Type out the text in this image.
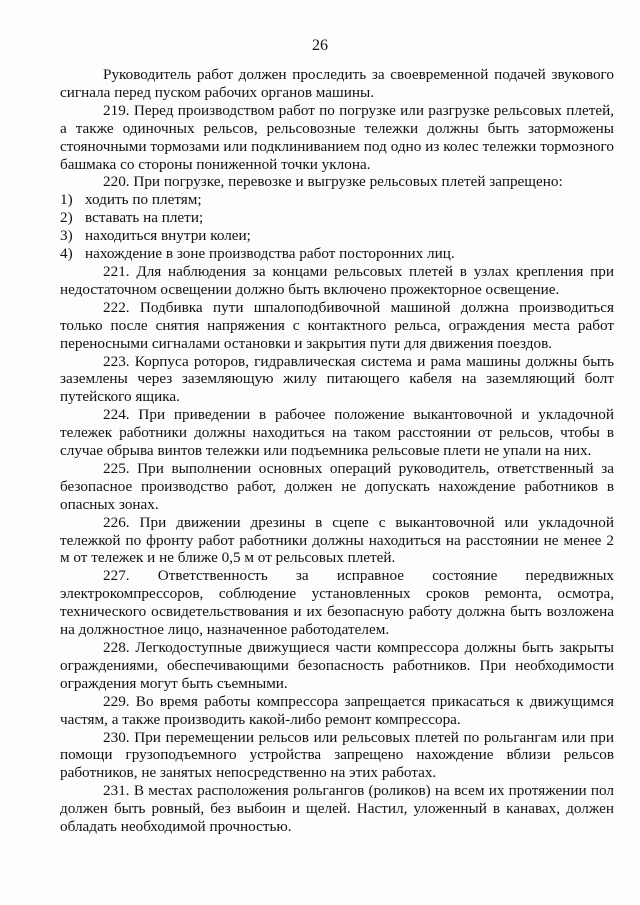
26

Руководитель работ должен проследить за своевременной подачей звукового сигнала перед пуском рабочих органов машины.

219. Перед производством работ по погрузке или разгрузке рельсовых плетей, а также одиночных рельсов, рельсовозные тележки должны быть заторможены стояночными тормозами или подклиниванием под одно из колес тележки тормозного башмака со стороны пониженной точки уклона.

220. При погрузке, перевозке и выгрузке рельсовых плетей запрещено:

1) ходить по плетям;

2) вставать на плети;

3) находиться внутри колеи;

4) нахождение в зоне производства работ посторонних лиц.

221. Для наблюдения за концами рельсовых плетей в узлах крепления при недостаточном освещении должно быть включено прожекторное освещение.

222. Подбивка пути шпалоподбивочной машиной должна производиться только после снятия напряжения с контактного рельса, ограждения места работ переносными сигналами остановки и закрытия пути для движения поездов.

223. Корпуса роторов, гидравлическая система и рама машины должны быть заземлены через заземляющую жилу питающего кабеля на заземляющий болт путейского ящика.

224. При приведении в рабочее положение выкантовочной и укладочной тележек работники должны находиться на таком расстоянии от рельсов, чтобы в случае обрыва винтов тележки или подъемника рельсовые плети не упали на них.

225. При выполнении основных операций руководитель, ответственный за безопасное производство работ, должен не допускать нахождение работников в опасных зонах.

226. При движении дрезины в сцепе с выкантовочной или укладочной тележкой по фронту работ работники должны находиться на расстоянии не менее 2 м от тележек и не ближе 0,5 м от рельсовых плетей.

227. Ответственность за исправное состояние передвижных электрокомпрессоров, соблюдение установленных сроков ремонта, осмотра, технического освидетельствования и их безопасную работу должна быть возложена на должностное лицо, назначенное работодателем.

228. Легкодоступные движущиеся части компрессора должны быть закрыты ограждениями, обеспечивающими безопасность работников. При необходимости ограждения могут быть съемными.

229. Во время работы компрессора запрещается прикасаться к движущимся частям, а также производить какой-либо ремонт компрессора.

230. При перемещении рельсов или рельсовых плетей по рольгангам или при помощи грузоподъемного устройства запрещено нахождение вблизи рельсов работников, не занятых непосредственно на этих работах.

231. В местах расположения рольгангов (роликов) на всем их протяжении пол должен быть ровный, без выбоин и щелей. Настил, уложенный в канавах, должен обладать необходимой прочностью.
